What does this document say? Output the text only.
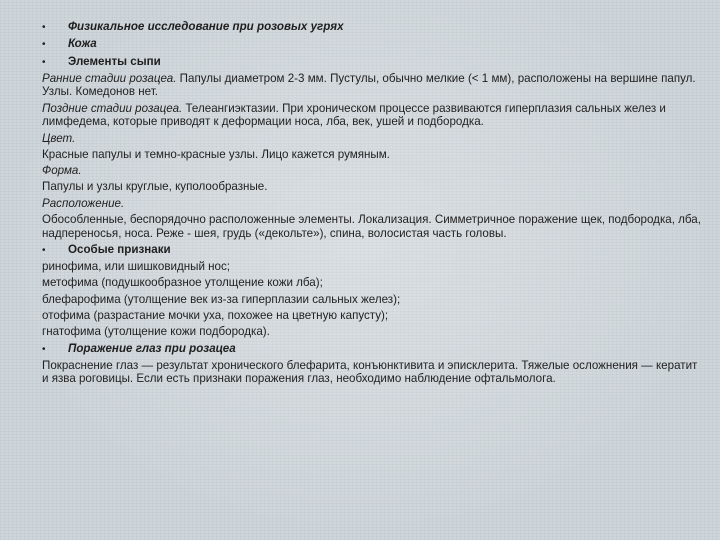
•	Физикальное исследование при розовых угрях
•	Кожа
•	Элементы сыпи
Ранние стадии розацеа. Папулы диаметром 2-3 мм. Пустулы, обычно мелкие (< 1 мм), расположены на вершине папул. Узлы. Комедонов нет.
Поздние стадии розацеа. Телеангиэктазии. При хроническом процессе развиваются гиперплазия сальных желез и лимфедема, которые приводят к деформации носа, лба, век, ушей и подбородка.
Цвет.
Красные папулы и темно-красные узлы. Лицо кажется румяным.
Форма.
Папулы и узлы круглые, куполообразные.
Расположение.
Обособленные, беспорядочно расположенные элементы. Локализация. Симметричное поражение щек, подбородка, лба, надпереносья, носа. Реже - шея, грудь («декольте»), спина, волосистая часть головы.
•	Особые признаки
ринофима, или шишковидный нос;
метофима (подушкообразное утолщение кожи лба);
блефарофима (утолщение век из-за гиперплазии сальных желез);
отофима (разрастание мочки уха, похожее на цветную капусту);
гнатофима (утолщение кожи подбородка).
•	Поражение глаз при розацеа
Покраснение глаз — результат хронического блефарита, конъюнктивита и эписклерита. Тяжелые осложнения — кератит и язва роговицы. Если есть признаки поражения глаз, необходимо наблюдение офтальмолога.
